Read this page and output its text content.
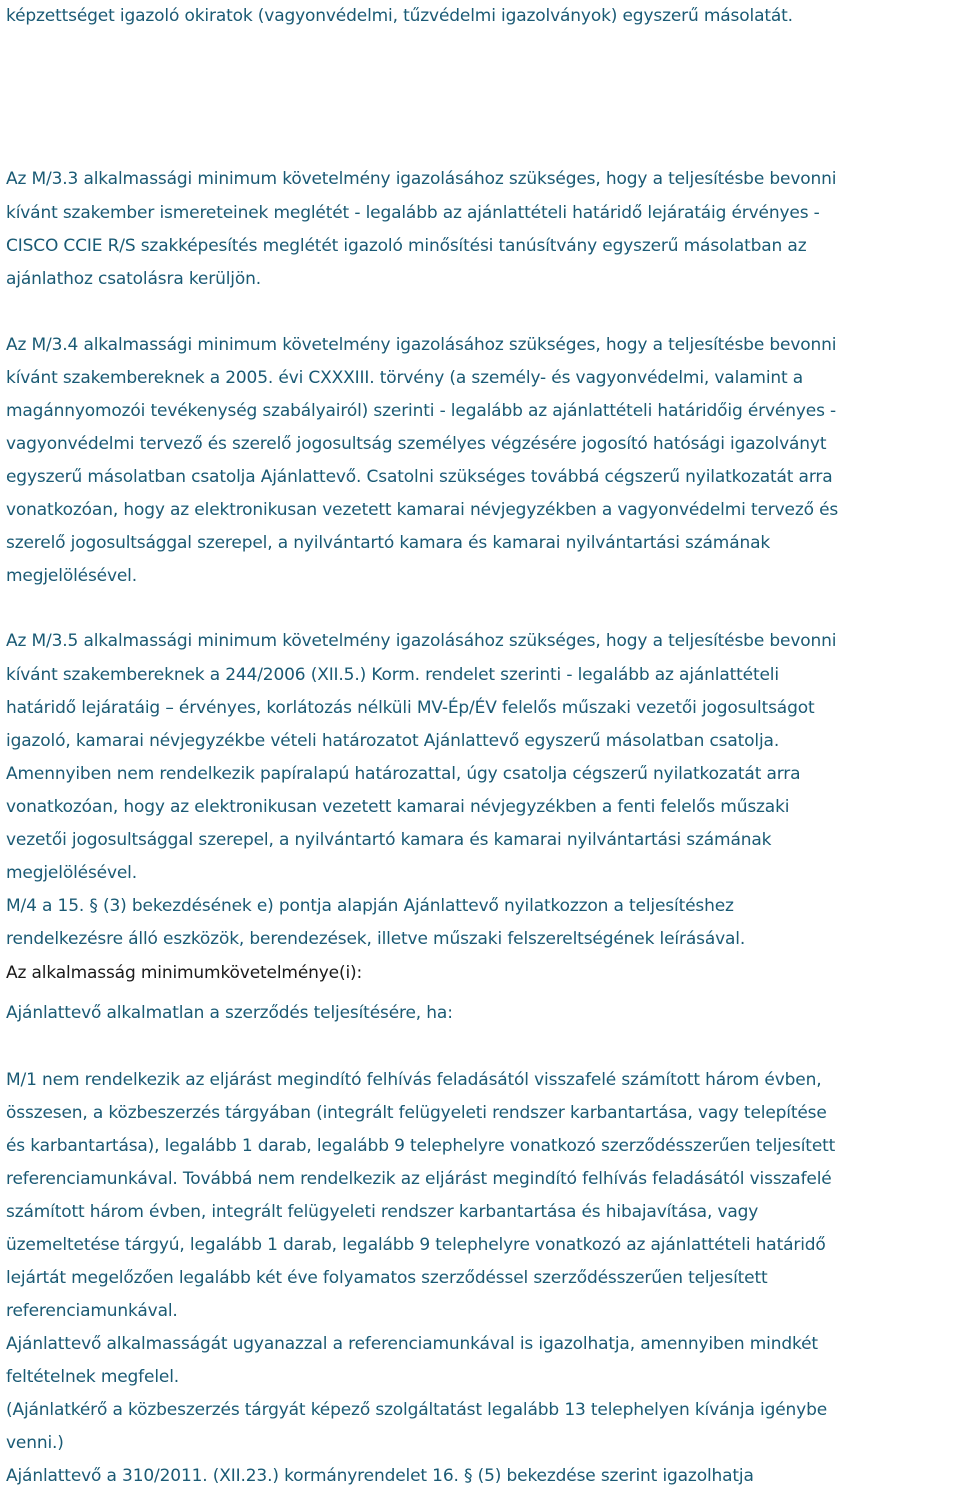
képzettséget igazoló okiratok (vagyonvédelmi, tűzvédelmi igazolványok) egyszerű másolatát.

Az M/3.3 alkalmassági minimum követelmény igazolásához szükséges, hogy a teljesítésbe bevonni

kívánt szakember ismereteinek meglétét - legalább az ajánlattételi határidő lejáratáig érvényes -

CISCO CCIE R/S szakképesítés meglétét igazoló minősítési tanúsítvány egyszerű másolatban az

ajánlathoz csatolásra kerüljön.

Az M/3.4 alkalmassági minimum követelmény igazolásához szükséges, hogy a teljesítésbe bevonni

kívánt szakembereknek a 2005. évi CXXXIII. törvény (a személy- és vagyonvédelmi, valamint a

magánnyomozói tevékenység szabályairól) szerinti - legalább az ajánlattételi határidőig érvényes -

vagyonvédelmi tervező és szerelő jogosultság személyes végzésére jogosító hatósági igazolványt

egyszerű másolatban csatolja Ajánlattevő. Csatolni szükséges továbbá cégszerű nyilatkozatát arra

vonatkozóan, hogy az elektronikusan vezetett kamarai névjegyzékben a vagyonvédelmi tervező és

szerelő jogosultsággal szerepel, a nyilvántartó kamara és kamarai nyilvántartási számának

megjelölésével.

Az M/3.5 alkalmassági minimum követelmény igazolásához szükséges, hogy a teljesítésbe bevonni

kívánt szakembereknek a 244/2006 (XII.5.) Korm. rendelet szerinti - legalább az ajánlattételi

határidő lejáratáig – érvényes, korlátozás nélküli MV-Ép/ÉV felelős műszaki vezetői jogosultságot

igazoló, kamarai névjegyzékbe vételi határozatot Ajánlattevő egyszerű másolatban csatolja.

Amennyiben nem rendelkezik papíralapú határozattal, úgy csatolja cégszerű nyilatkozatát arra

vonatkozóan, hogy az elektronikusan vezetett kamarai névjegyzékben a fenti felelős műszaki

vezetői jogosultsággal szerepel, a nyilvántartó kamara és kamarai nyilvántartási számának

megjelölésével.

M/4 a 15. § (3) bekezdésének e) pontja alapján Ajánlattevő nyilatkozzon a teljesítéshez

rendelkezésre álló eszközök, berendezések, illetve műszaki felszereltségének leírásával.

Az alkalmasság minimumkövetelménye(i):

Ajánlattevő alkalmatlan a szerződés teljesítésére, ha:

M/1 nem rendelkezik az eljárást megindító felhívás feladásától visszafelé számított három évben,

összesen, a közbeszerzés tárgyában (integrált felügyeleti rendszer karbantartása, vagy telepítése

és karbantartása), legalább 1 darab, legalább 9 telephelyre vonatkozó szerződésszerűen teljesített

referenciamunkával. Továbbá nem rendelkezik az eljárást megindító felhívás feladásától visszafelé

számított három évben, integrált felügyeleti rendszer karbantartása és hibajavítása, vagy

üzemeltetése tárgyú, legalább 1 darab, legalább 9 telephelyre vonatkozó az ajánlattételi határidő

lejártát megelőzően legalább két éve folyamatos szerződéssel szerződésszerűen teljesített

referenciamunkával.

Ajánlattevő alkalmasságát ugyanazzal a referenciamunkával is igazolhatja, amennyiben mindkét

feltételnek megfelel.

(Ajánlatkérő a közbeszerzés tárgyát képező szolgáltatást legalább 13 telephelyen kívánja igénybe

venni.)

Ajánlattevő a 310/2011. (XII.23.) kormányrendelet 16. § (5) bekezdése szerint igazolhatja
